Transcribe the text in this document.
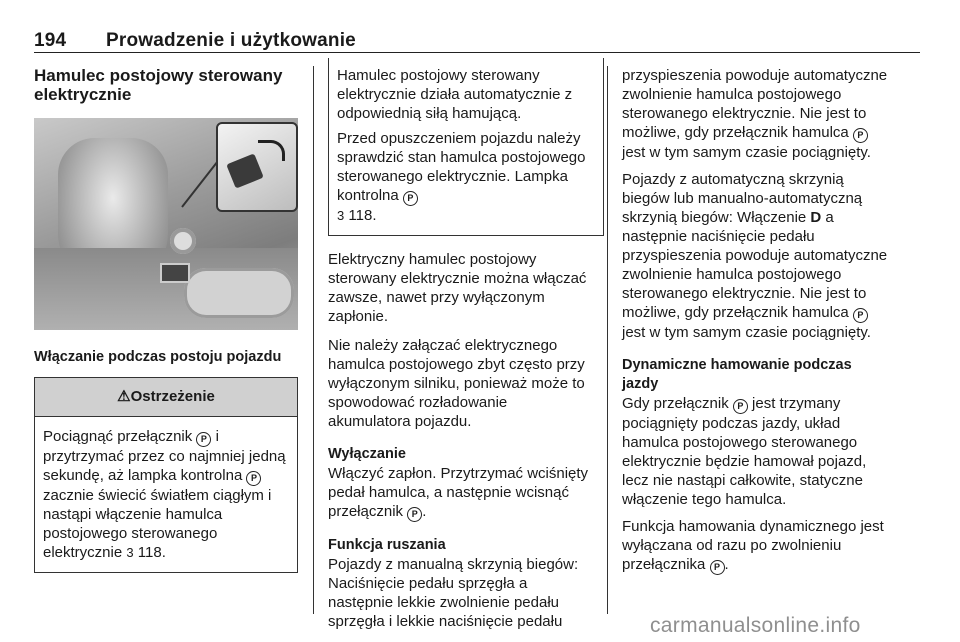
194 Prowadzenie i użytkowanie
Hamulec postojowy sterowany elektrycznie
Włączanie podczas postoju pojazdu
⚠Ostrzeżenie
Pociągnąć przełącznik P i przytrzymać przez co najmniej jedną sekundę, aż lampka kontrolna P zacznie świecić światłem ciągłym i nastąpi włączenie hamulca postojowego sterowanego elektrycznie 3 118.

Hamulec postojowy sterowany elektrycznie działa automatycznie z odpowiednią siłą hamującą.

Przed opuszczeniem pojazdu należy sprawdzić stan hamulca postojowego sterowanego elektrycznie. Lampka kontrolna P
3 118.

Elektryczny hamulec postojowy sterowany elektrycznie można włączać zawsze, nawet przy wyłączonym zapłonie.

Nie należy załączać elektrycznego hamulca postojowego zbyt często przy wyłączonym silniku, ponieważ może to spowodować rozładowanie akumulatora pojazdu.

Wyłączanie

Włączyć zapłon. Przytrzymać wciśnięty pedał hamulca, a następnie wcisnąć przełącznik P .

Funkcja ruszania

Pojazdy z manualną skrzynią biegów: Naciśnięcie pedału sprzęgła a następnie lekkie zwolnienie pedału sprzęgła i lekkie naciśnięcie pedału

przyspieszenia powoduje automatyczne zwolnienie hamulca postojowego sterowanego elektrycznie. Nie jest to możliwe, gdy przełącznik hamulca P jest w tym samym czasie pociągnięty.

Pojazdy z automatyczną skrzynią biegów lub manualno-automatyczną skrzynią biegów: Włączenie D a następnie naciśnięcie pedału przyspieszenia powoduje automatyczne zwolnienie hamulca postojowego sterowanego elektrycznie. Nie jest to możliwe, gdy przełącznik hamulca P jest w tym samym czasie pociągnięty.

Dynamiczne hamowanie podczas jazdy

Gdy przełącznik P jest trzymany pociągnięty podczas jazdy, układ hamulca postojowego sterowanego elektrycznie będzie hamował pojazd, lecz nie nastąpi całkowite, statyczne włączenie tego hamulca.

Funkcja hamowania dynamicznego jest wyłączana od razu po zwolnieniu przełącznika P .

carmanualsonline.info
